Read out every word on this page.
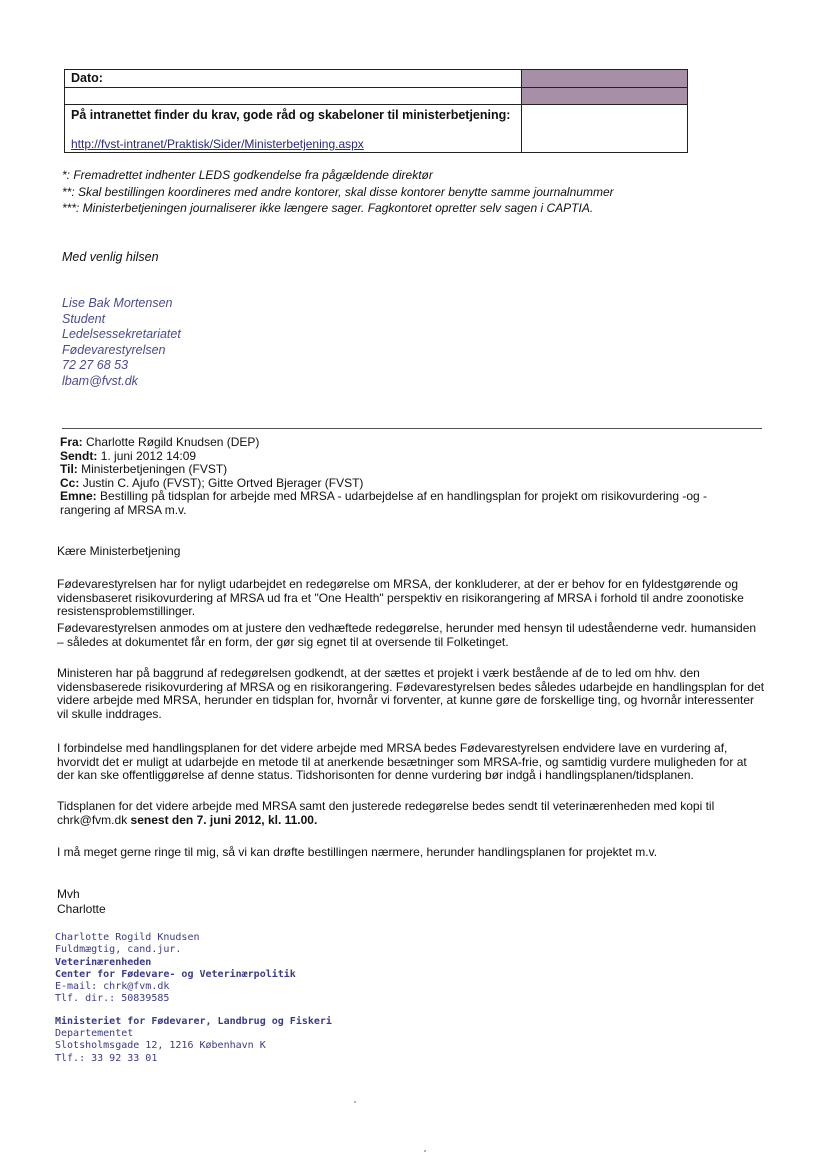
Dato:
På intranettet finder du krav, gode råd og skabeloner til ministerbetjening:
http://fvst-intranet/Praktisk/Sider/Ministerbetjening.aspx
*: Fremadrettet indhenter LEDS godkendelse fra pågældende direktør
**: Skal bestillingen koordineres med andre kontorer, skal disse kontorer benytte samme journalnummer
***: Ministerbetjeningen journaliserer ikke længere sager. Fagkontoret opretter selv sagen i CAPTIA.
Med venlig hilsen
Lise Bak Mortensen
Student
Ledelsessekretariatet
Fødevarestyrelsen
72 27 68 53
lbam@fvst.dk
Fra: Charlotte Røgild Knudsen (DEP)
Sendt: 1. juni 2012 14:09
Til: Ministerbetjeningen (FVST)
Cc: Justin C. Ajufo (FVST); Gitte Ortved Bjerager (FVST)
Emne: Bestilling på tidsplan for arbejde med MRSA - udarbejdelse af en handlingsplan for projekt om risikovurdering -og - rangering af MRSA m.v.
Kære Ministerbetjening
Fødevarestyrelsen har for nyligt udarbejdet en redegørelse om MRSA, der konkluderer, at der er behov for en fyldestgørende og vidensbaseret risikovurdering af MRSA ud fra et "One Health" perspektiv en risikorangering af MRSA i forhold til andre zoonotiske resistensproblemstillinger.
Fødevarestyrelsen anmodes om at justere den vedhæftede redegørelse, herunder med hensyn til udeståenderne vedr. humansiden – således at dokumentet får en form, der gør sig egnet til at oversende til Folketinget.
Ministeren har på baggrund af redegørelsen godkendt, at der sættes et projekt i værk bestående af de to led om hhv. den vidensbaserede risikovurdering af MRSA og en risikorangering. Fødevarestyrelsen bedes således udarbejde en handlingsplan for det videre arbejde med MRSA, herunder en tidsplan for, hvornår vi forventer, at kunne gøre de forskellige ting, og hvornår interessenter vil skulle inddrages.
I forbindelse med handlingsplanen for det videre arbejde med MRSA bedes Fødevarestyrelsen endvidere lave en vurdering af, hvorvidt det er muligt at udarbejde en metode til at anerkende besætninger som MRSA-frie, og samtidig vurdere muligheden for at der kan ske offentliggørelse af denne status. Tidshorisonten for denne vurdering bør indgå i handlingsplanen/tidsplanen.
Tidsplanen for det videre arbejde med MRSA samt den justerede redegørelse bedes sendt til veterinærenheden med kopi til chrk@fvm.dk senest den 7. juni 2012, kl. 11.00.
I må meget gerne ringe til mig, så vi kan drøfte bestillingen nærmere, herunder handlingsplanen for projektet m.v.
Mvh
Charlotte
Charlotte Rogild Knudsen
Fuldmægtig, cand.jur.
Veterinærenheden
Center for Fødevare- og Veterinærpolitik
E-mail: chrk@fvm.dk
Tlf. dir.: 50839585
Ministeriet for Fødevarer, Landbrug og Fiskeri
Departementet
Slotsholmsgade 12, 1216 København K
Tlf.: 33 92 33 01
